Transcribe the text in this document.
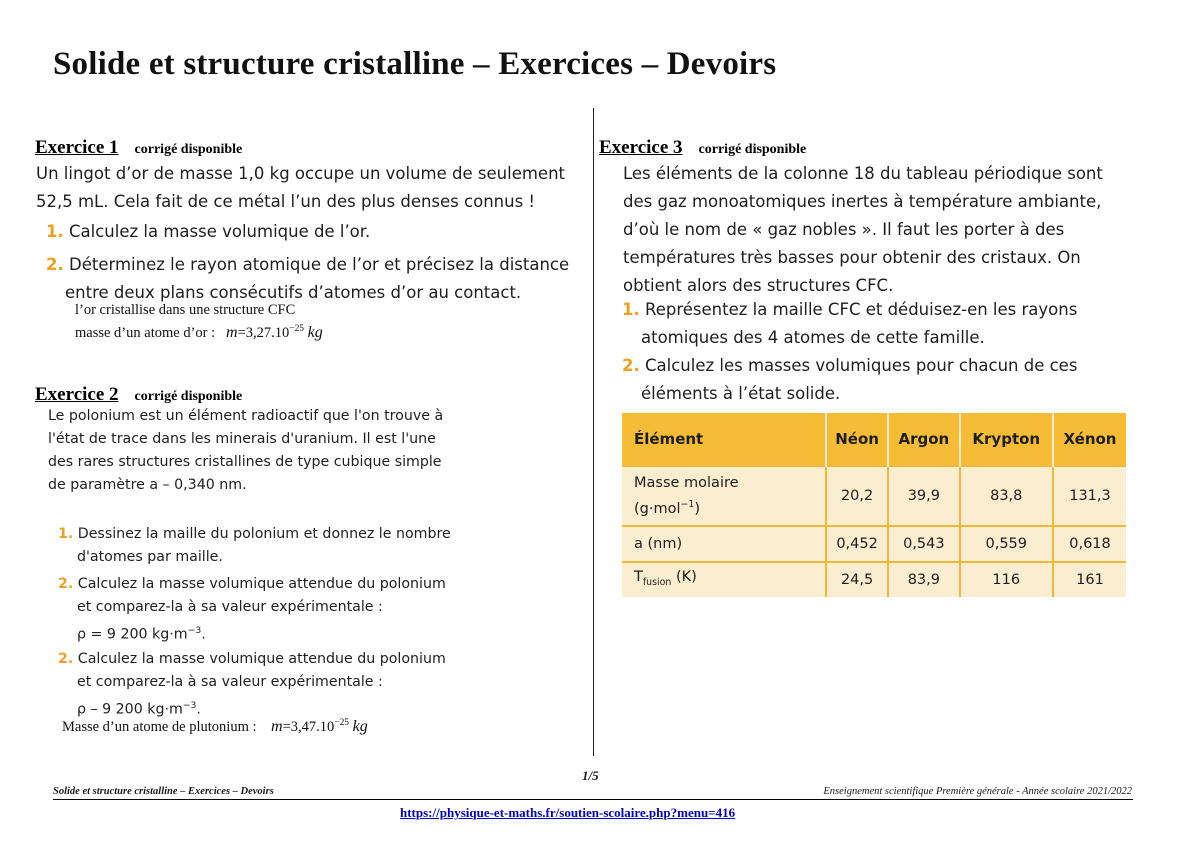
Solide et structure cristalline – Exercices – Devoirs
Exercice 1 corrigé disponible
Un lingot d’or de masse 1,0 kg occupe un volume de seulement
52,5 mL. Cela fait de ce métal l’un des plus denses connus !
1. Calculez la masse volumique de l’or.
2. Déterminez le rayon atomique de l’or et précisez la distance
entre deux plans consécutifs d’atomes d’or au contact.
l’or cristallise dans une structure CFC
masse d’un atome d’or : $m=3,27.10^{-25}$ kg
Exercice 2 corrigé disponible
Le polonium est un élément radioactif que l'on trouve à
l'état de trace dans les minerais d'uranium. Il est l'une
des rares structures cristallines de type cubique simple
de paramètre a – 0,340 nm.
1. Dessinez la maille du polonium et donnez le nombre
d'atomes par maille.
2. Calculez la masse volumique attendue du polonium
et comparez-la à sa valeur expérimentale :
ρ = 9 200 $kg\cdot m^{-3}$.
2. Calculez la masse volumique attendue du polonium
et comparez-la à sa valeur expérimentale :
ρ – 9 200 $kg\cdot m^{-3}$.
Masse d’un atome de plutonium : $m=3,47.10^{-25}$ kg
Exercice 3 corrigé disponible
Les éléments de la colonne 18 du tableau périodique sont
des gaz monoatomiques inertes à température ambiante,
d’où le nom de « gaz nobles ». Il faut les porter à des
températures très basses pour obtenir des cristaux. On
obtient alors des structures CFC.
1. Représentez la maille CFC et déduisez-en les rayons
atomiques des 4 atomes de cette famille.
2. Calculez les masses volumiques pour chacun de ces
éléments à l’état solide.
Élément	Néon	Argon	Krypton	Xénon
Masse molaire
(g·mol$^{-1}$)	20,2	39,9	83,8	131,3
a (nm)	0,452	0,543	0,559	0,618
$T_{fusion}$ (K)	24,5	83,9	116	161
1/5
Solide et structure cristalline – Exercices – Devoirs	Enseignement scientifique Première générale - Année scolaire 2021/2022
https://physique-et-maths.fr/soutien-scolaire.php?menu=416
